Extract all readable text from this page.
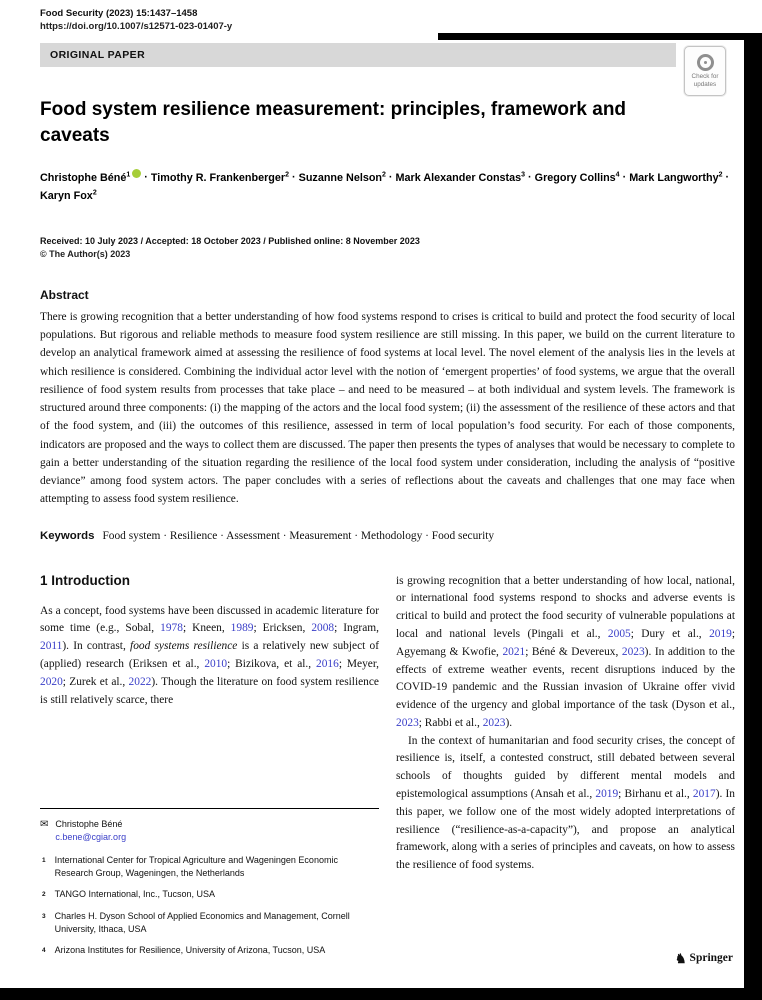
Food Security (2023) 15:1437–1458
https://doi.org/10.1007/s12571-023-01407-y
ORIGINAL PAPER
Check for updates
Food system resilience measurement: principles, framework and caveats
Christophe Béné$^1$ · Timothy R. Frankenberger$^2$ · Suzanne Nelson$^2$ · Mark Alexander Constas$^3$ · Gregory Collins$^4$ · Mark Langworthy$^2$ · Karyn Fox$^2$
Received: 10 July 2023 / Accepted: 18 October 2023 / Published online: 8 November 2023
© The Author(s) 2023
Abstract

There is growing recognition that a better understanding of how food systems respond to crises is critical to build and protect the food security of local populations. But rigorous and reliable methods to measure food system resilience are still missing. In this paper, we build on the current literature to develop an analytical framework aimed at assessing the resilience of food systems at local level. The novel element of the analysis lies in the levels at which resilience is considered. Combining the individual actor level with the notion of ‘emergent properties’ of food systems, we argue that the overall resilience of food system results from processes that take place – and need to be measured – at both individual and system levels. The framework is structured around three components: (i) the mapping of the actors and the local food system; (ii) the assessment of the resilience of these actors and that of the food system, and (iii) the outcomes of this resilience, assessed in term of local population’s food security. For each of those components, indicators are proposed and the ways to collect them are discussed. The paper then presents the types of analyses that would be necessary to complete to gain a better understanding of the situation regarding the resilience of the local food system under consideration, including the analysis of “positive deviance” among food system actors. The paper concludes with a series of reflections about the caveats and challenges that one may face when attempting to assess food system resilience.

Keywords Food system · Resilience · Assessment · Measurement · Methodology · Food security
1 Introduction

As a concept, food systems have been discussed in academic literature for some time (e.g., Sobal, 1978; Kneen, 1989; Ericksen, 2008; Ingram, 2011). In contrast, food systems resilience is a relatively new subject of (applied) research (Eriksen et al., 2010; Bizikova, et al., 2016; Meyer, 2020; Zurek et al., 2022). Though the literature on food system resilience is still relatively scarce, there

✉ Christophe Béné
c.bene@cgiar.org
1 International Center for Tropical Agriculture and Wageningen Economic Research Group, Wageningen, the Netherlands
2 TANGO International, Inc., Tucson, USA
3 Charles H. Dyson School of Applied Economics and Management, Cornell University, Ithaca, USA
4 Arizona Institutes for Resilience, University of Arizona, Tucson, USA

is growing recognition that a better understanding of how local, national, or international food systems respond to shocks and adverse events is critical to build and protect the food security of vulnerable populations at local and national levels (Pingali et al., 2005; Dury et al., 2019; Agyemang & Kwofie, 2021; Béné & Devereux, 2023). In addition to the effects of extreme weather events, recent disruptions induced by the COVID-19 pandemic and the Russian invasion of Ukraine offer vivid evidence of the urgency and global importance of the task (Dyson et al., 2023; Rabbi et al., 2023).

In the context of humanitarian and food security crises, the concept of resilience is, itself, a contested construct, still debated between several schools of thoughts guided by different mental models and epistemological assumptions (Ansah et al., 2019; Birhanu et al., 2017). In this paper, we follow one of the most widely adopted interpretations of resilience (“resilience-as-a-capacity”), and propose an analytical framework, along with a series of principles and caveats, on how to assess the resilience of food systems.

♞ Springer
